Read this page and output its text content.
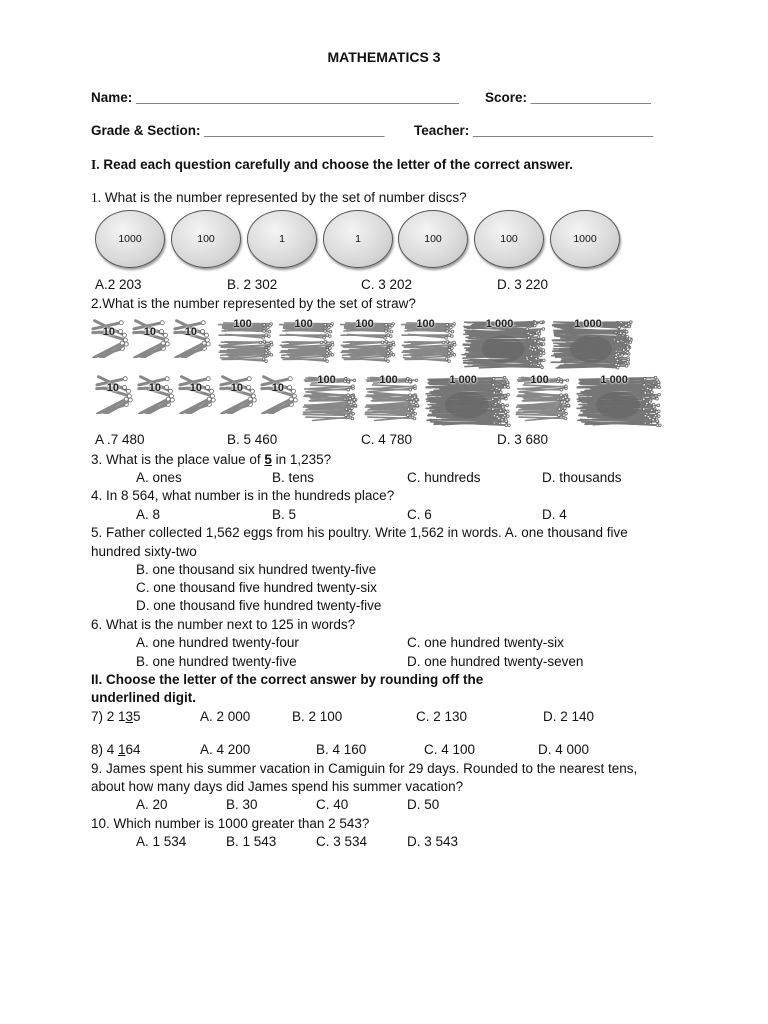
MATHEMATICS 3
Name: ___________________________________________ Score: ________________
Grade & Section: ________________________ Teacher: ________________________
I. Read each question carefully and choose the letter of the correct answer.
1. What is the number represented by the set of number discs?
1000	100	1	1	100	100	1000
A.2 203	B. 2 302	C. 3 202	D. 3 220
2.What is the number represented by the set of straw?
10	10	10
100	100	100	100	1 000	1 000
10	10	10	10	10
100	100	1 000	100	1 000
A .7 480	B. 5 460	C. 4 780	D. 3 680
3. What is the place value of 5 in 1,235?
A. ones	B. tens	C. hundreds	D. thousands
4. In 8 564, what number is in the hundreds place?
A. 8	B. 5	C. 6	D. 4
5. Father collected 1,562 eggs from his poultry. Write 1,562 in words. A. one thousand five
hundred sixty-two
B. one thousand six hundred twenty-five
C. one thousand five hundred twenty-six
D. one thousand five hundred twenty-five
6. What is the number next to 125 in words?
A. one hundred twenty-four	C. one hundred twenty-six
B. one hundred twenty-five	D. one hundred twenty-seven
II. Choose the letter of the correct answer by rounding off the
underlined digit.
7) 2 135	A. 2 000	B. 2 100	C. 2 130	D. 2 140
8) 4 164	A. 4 200	B. 4 160	C. 4 100	D. 4 000
9. James spent his summer vacation in Camiguin for 29 days. Rounded to the nearest tens,
about how many days did James spend his summer vacation?
A. 20	B. 30	C. 40	D. 50
10. Which number is 1000 greater than 2 543?
A. 1 534	B. 1 543	C. 3 534	D. 3 543
